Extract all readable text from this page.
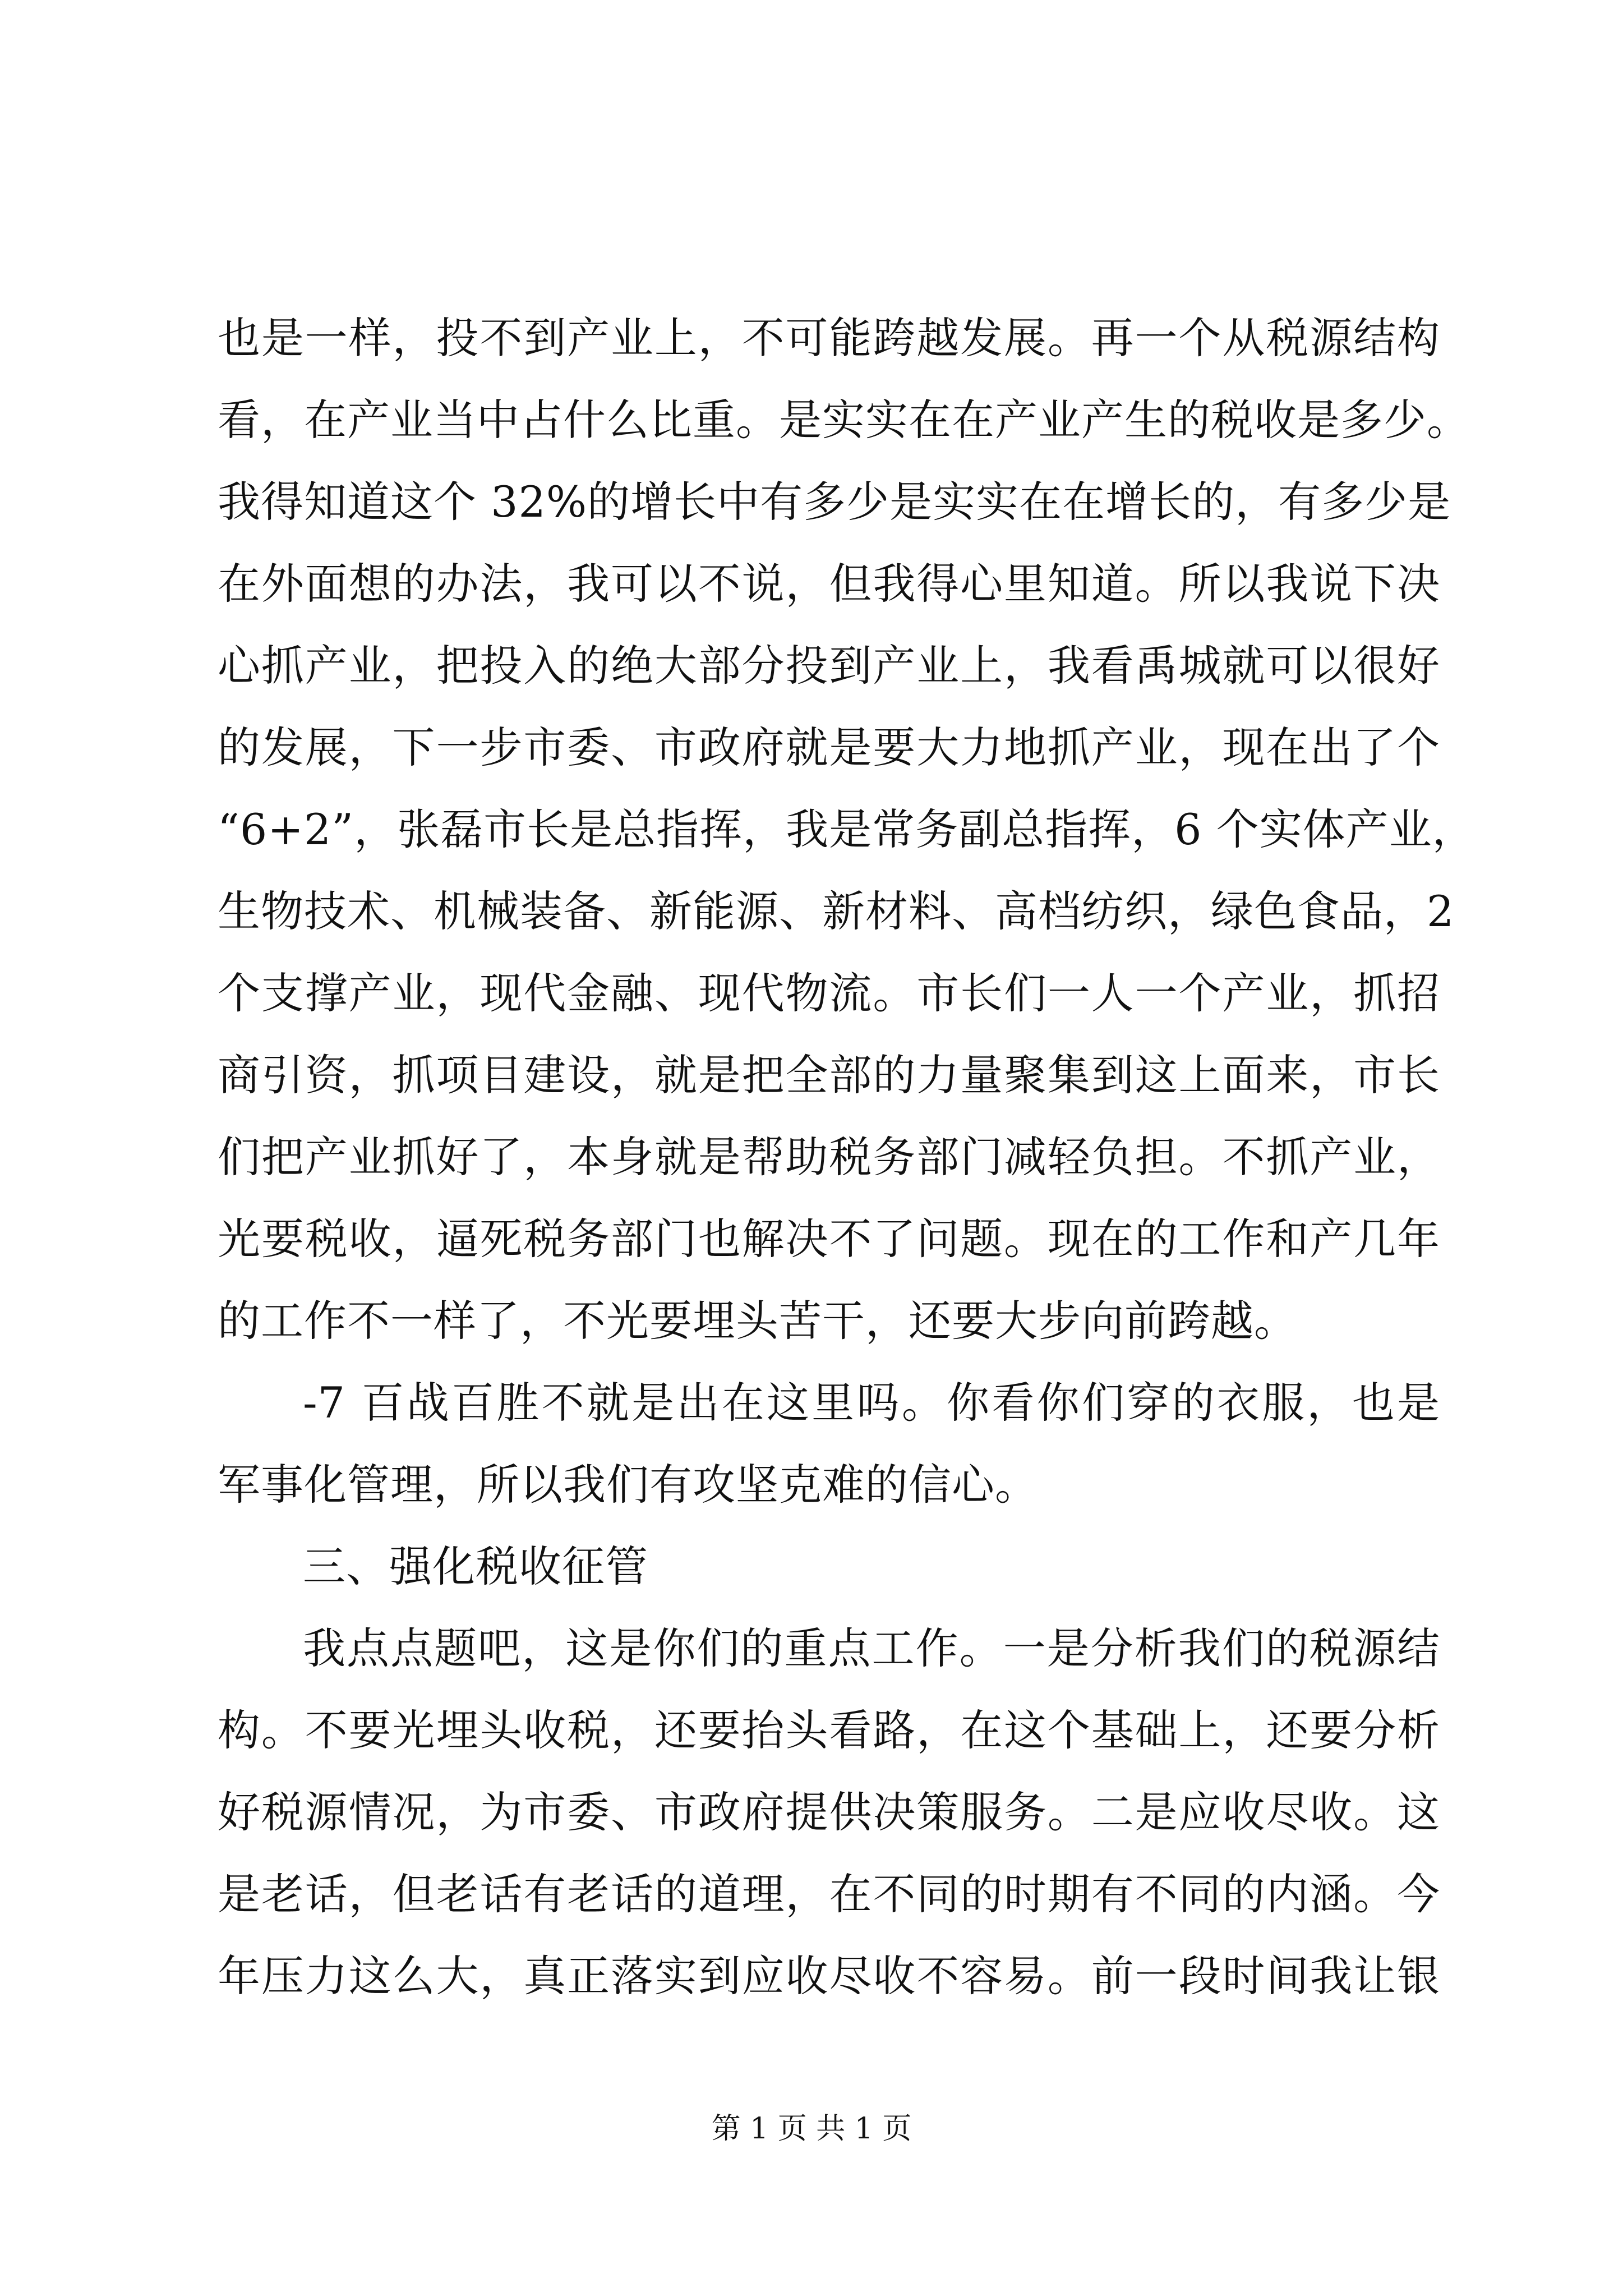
也是一样，投不到产业上，不可能跨越发展。再一个从税源结构
看，在产业当中占什么比重。是实实在在产业产生的税收是多少。
我得知道这个 32%的增长中有多少是实实在在增长的，有多少是
在外面想的办法，我可以不说，但我得心里知道。所以我说下决
心抓产业，把投入的绝大部分投到产业上，我看禹城就可以很好
的发展，下一步市委、市政府就是要大力地抓产业，现在出了个
“6+2”，张磊市长是总指挥，我是常务副总指挥，6 个实体产业，
生物技术、机械装备、新能源、新材料、高档纺织，绿色食品，2
个支撑产业，现代金融、现代物流。市长们一人一个产业，抓招
商引资，抓项目建设，就是把全部的力量聚集到这上面来，市长
们把产业抓好了，本身就是帮助税务部门减轻负担。不抓产业，
光要税收，逼死税务部门也解决不了问题。现在的工作和产几年
的工作不一样了，不光要埋头苦干，还要大步向前跨越。
-7 百战百胜不就是出在这里吗。你看你们穿的衣服，也是
军事化管理，所以我们有攻坚克难的信心。
三、强化税收征管
我点点题吧，这是你们的重点工作。一是分析我们的税源结
构。不要光埋头收税，还要抬头看路，在这个基础上，还要分析
好税源情况，为市委、市政府提供决策服务。二是应收尽收。这
是老话，但老话有老话的道理，在不同的时期有不同的内涵。今
年压力这么大，真正落实到应收尽收不容易。前一段时间我让银
第 1 页 共 1 页
